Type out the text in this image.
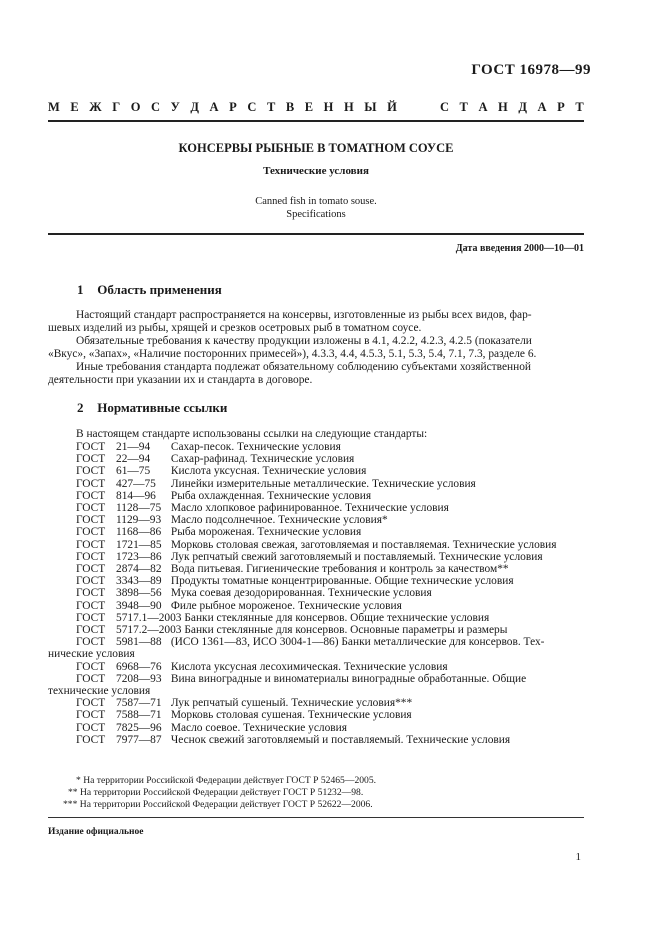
ГОСТ 16978—99
М Е Ж Г О С У Д А Р С Т В Е Н Н Ы Й	С Т А Н Д А Р Т
КОНСЕРВЫ РЫБНЫЕ В ТОМАТНОМ СОУСЕ
Технические условия
Canned fish in tomato souse.
Specifications
Дата введения 2000—10—01
1 Область применения
Настоящий стандарт распространяется на консервы, изготовленные из рыбы всех видов, фар-
шевых изделий из рыбы, хрящей и срезков осетровых рыб в томатном соусе.
Обязательные требования к качеству продукции изложены в 4.1, 4.2.2, 4.2.3, 4.2.5 (показатели
«Вкус», «Запах», «Наличие посторонних примесей»), 4.3.3, 4.4, 4.5.3, 5.1, 5.3, 5.4, 7.1, 7.3, разделе 6.
Иные требования стандарта подлежат обязательному соблюдению субъектами хозяйственной
деятельности при указании их и стандарта в договоре.
2 Нормативные ссылки
В настоящем стандарте использованы ссылки на следующие стандарты:
ГОСТ 21—94 Сахар-песок. Технические условия
ГОСТ 22—94 Сахар-рафинад. Технические условия
ГОСТ 61—75 Кислота уксусная. Технические условия
ГОСТ 427—75 Линейки измерительные металлические. Технические условия
ГОСТ 814—96 Рыба охлажденная. Технические условия
ГОСТ 1128—75 Масло хлопковое рафинированное. Технические условия
ГОСТ 1129—93 Масло подсолнечное. Технические условия*
ГОСТ 1168—86 Рыба мороженая. Технические условия
ГОСТ 1721—85 Морковь столовая свежая, заготовляемая и поставляемая. Технические условия
ГОСТ 1723—86 Лук репчатый свежий заготовляемый и поставляемый. Технические условия
ГОСТ 2874—82 Вода питьевая. Гигиенические требования и контроль за качеством**
ГОСТ 3343—89 Продукты томатные концентрированные. Общие технические условия
ГОСТ 3898—56 Мука соевая дезодорированная. Технические условия
ГОСТ 3948—90 Филе рыбное мороженое. Технические условия
ГОСТ 5717.1—2003 Банки стеклянные для консервов. Общие технические условия
ГОСТ 5717.2—2003 Банки стеклянные для консервов. Основные параметры и размеры
ГОСТ 5981—88 (ИСО 1361—83, ИСО 3004-1—86) Банки металлические для консервов. Тех-
нические условия
ГОСТ 6968—76 Кислота уксусная лесохимическая. Технические условия
ГОСТ 7208—93 Вина виноградные и виноматериалы виноградные обработанные. Общие
технические условия
ГОСТ 7587—71 Лук репчатый сушеный. Технические условия***
ГОСТ 7588—71 Морковь столовая сушеная. Технические условия
ГОСТ 7825—96 Масло соевое. Технические условия
ГОСТ 7977—87 Чеснок свежий заготовляемый и поставляемый. Технические условия
* На территории Российской Федерации действует ГОСТ Р 52465—2005.
** На территории Российской Федерации действует ГОСТ Р 51232—98.
*** На территории Российской Федерации действует ГОСТ Р 52622—2006.
Издание официальное
1
